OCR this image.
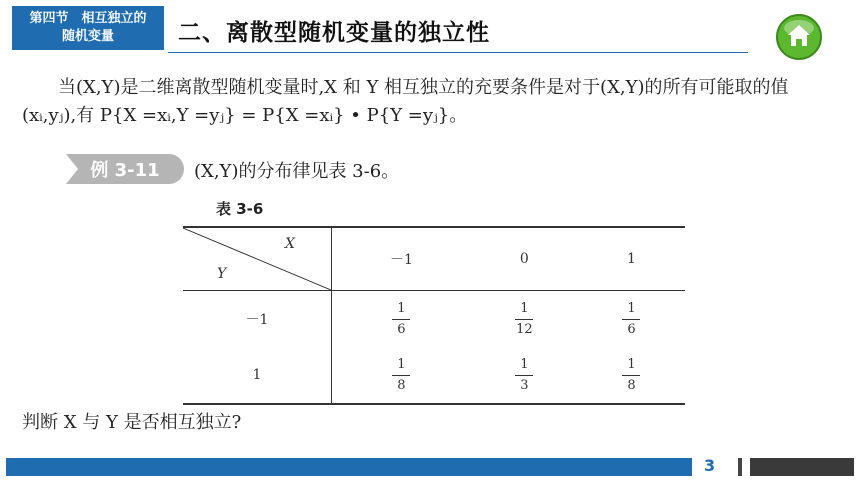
第四节　相互独立的
随机变量	二、离散型随机变量的独立性
当(X,Y)是二维离散型随机变量时,X 和 Y 相互独立的充要条件是对于(X,Y)的所有可能取的值(xᵢ,yⱼ),有 P{X =xᵢ,Y =yⱼ} = P{X =xᵢ} • P{Y =yⱼ}。
例 3-11 (X,Y)的分布律见表 3-6。
表 3-6
X
Y	－1	0	1
－1	$\frac{1}{6}$	$\frac{1}{12}$	$\frac{1}{6}$

1	$\frac{1}{8}$	$\frac{1}{3}$	$\frac{1}{8}$
判断 X 与 Y 是否相互独立?
3
